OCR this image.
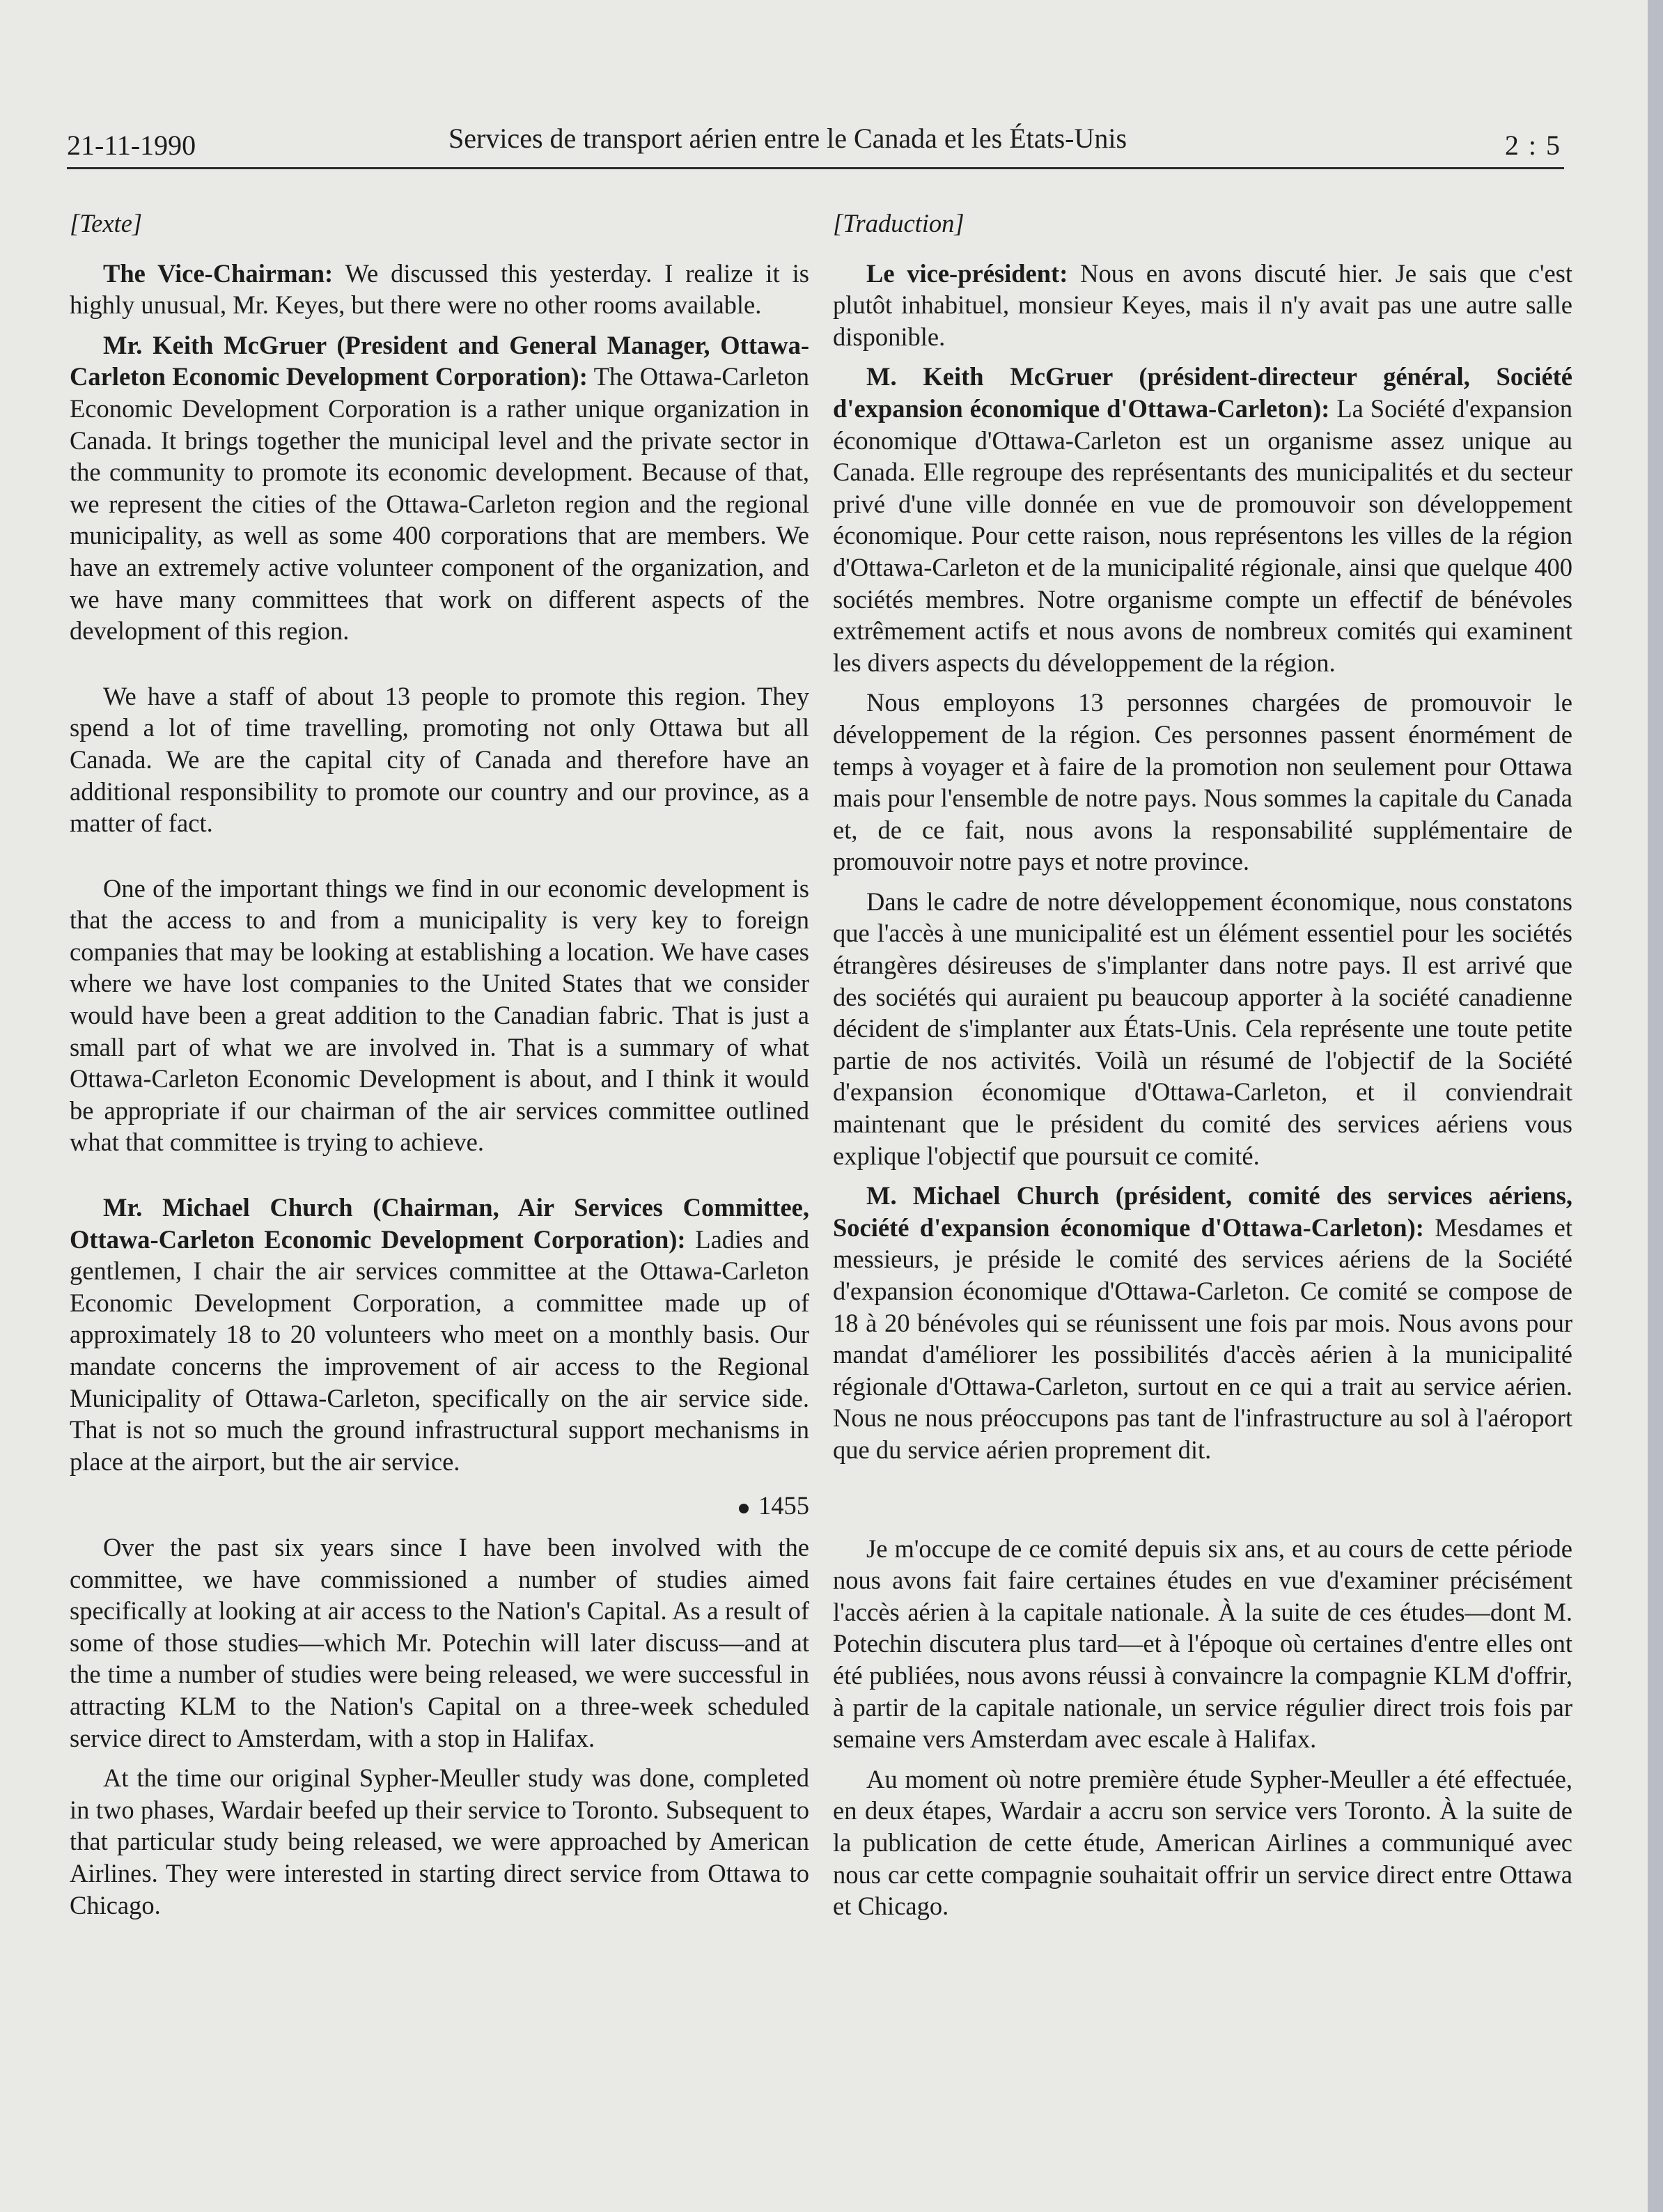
21-11-1990	Services de transport aérien entre le Canada et les États-Unis	2 : 5

[Texte]

The Vice-Chairman: We discussed this yesterday. I realize it is highly unusual, Mr. Keyes, but there were no other rooms available.

Mr. Keith McGruer (President and General Manager, Ottawa-Carleton Economic Development Corporation): The Ottawa-Carleton Economic Development Corporation is a rather unique organization in Canada. It brings together the municipal level and the private sector in the community to promote its economic development. Because of that, we represent the cities of the Ottawa-Carleton region and the regional municipality, as well as some 400 corporations that are members. We have an extremely active volunteer component of the organization, and we have many committees that work on different aspects of the development of this region.

We have a staff of about 13 people to promote this region. They spend a lot of time travelling, promoting not only Ottawa but all Canada. We are the capital city of Canada and therefore have an additional responsibility to promote our country and our province, as a matter of fact.

One of the important things we find in our economic development is that the access to and from a municipality is very key to foreign companies that may be looking at establishing a location. We have cases where we have lost companies to the United States that we consider would have been a great addition to the Canadian fabric. That is just a small part of what we are involved in. That is a summary of what Ottawa-Carleton Economic Development is about, and I think it would be appropriate if our chairman of the air services committee outlined what that committee is trying to achieve.

Mr. Michael Church (Chairman, Air Services Committee, Ottawa-Carleton Economic Development Corporation): Ladies and gentlemen, I chair the air services committee at the Ottawa-Carleton Economic Development Corporation, a committee made up of approximately 18 to 20 volunteers who meet on a monthly basis. Our mandate concerns the improvement of air access to the Regional Municipality of Ottawa-Carleton, specifically on the air service side. That is not so much the ground infrastructural support mechanisms in place at the airport, but the air service.

1455

Over the past six years since I have been involved with the committee, we have commissioned a number of studies aimed specifically at looking at air access to the Nation's Capital. As a result of some of those studies—which Mr. Potechin will later discuss—and at the time a number of studies were being released, we were successful in attracting KLM to the Nation's Capital on a three-week scheduled service direct to Amsterdam, with a stop in Halifax.

At the time our original Sypher-Meuller study was done, completed in two phases, Wardair beefed up their service to Toronto. Subsequent to that particular study being released, we were approached by American Airlines. They were interested in starting direct service from Ottawa to Chicago.

[Traduction]

Le vice-président: Nous en avons discuté hier. Je sais que c'est plutôt inhabituel, monsieur Keyes, mais il n'y avait pas une autre salle disponible.

M. Keith McGruer (président-directeur général, Société d'expansion économique d'Ottawa-Carleton): La Société d'expansion économique d'Ottawa-Carleton est un organisme assez unique au Canada. Elle regroupe des représentants des municipalités et du secteur privé d'une ville donnée en vue de promouvoir son développement économique. Pour cette raison, nous représentons les villes de la région d'Ottawa-Carleton et de la municipalité régionale, ainsi que quelque 400 sociétés membres. Notre organisme compte un effectif de bénévoles extrêmement actifs et nous avons de nombreux comités qui examinent les divers aspects du développement de la région.

Nous employons 13 personnes chargées de promouvoir le développement de la région. Ces personnes passent énormément de temps à voyager et à faire de la promotion non seulement pour Ottawa mais pour l'ensemble de notre pays. Nous sommes la capitale du Canada et, de ce fait, nous avons la responsabilité supplémentaire de promouvoir notre pays et notre province.

Dans le cadre de notre développement économique, nous constatons que l'accès à une municipalité est un élément essentiel pour les sociétés étrangères désireuses de s'implanter dans notre pays. Il est arrivé que des sociétés qui auraient pu beaucoup apporter à la société canadienne décident de s'implanter aux États-Unis. Cela représente une toute petite partie de nos activités. Voilà un résumé de l'objectif de la Société d'expansion économique d'Ottawa-Carleton, et il conviendrait maintenant que le président du comité des services aériens vous explique l'objectif que poursuit ce comité.

M. Michael Church (président, comité des services aériens, Société d'expansion économique d'Ottawa-Carleton): Mesdames et messieurs, je préside le comité des services aériens de la Société d'expansion économique d'Ottawa-Carleton. Ce comité se compose de 18 à 20 bénévoles qui se réunissent une fois par mois. Nous avons pour mandat d'améliorer les possibilités d'accès aérien à la municipalité régionale d'Ottawa-Carleton, surtout en ce qui a trait au service aérien. Nous ne nous préoccupons pas tant de l'infrastructure au sol à l'aéroport que du service aérien proprement dit.

Je m'occupe de ce comité depuis six ans, et au cours de cette période nous avons fait faire certaines études en vue d'examiner précisément l'accès aérien à la capitale nationale. À la suite de ces études—dont M. Potechin discutera plus tard—et à l'époque où certaines d'entre elles ont été publiées, nous avons réussi à convaincre la compagnie KLM d'offrir, à partir de la capitale nationale, un service régulier direct trois fois par semaine vers Amsterdam avec escale à Halifax.

Au moment où notre première étude Sypher-Meuller a été effectuée, en deux étapes, Wardair a accru son service vers Toronto. À la suite de la publication de cette étude, American Airlines a communiqué avec nous car cette compagnie souhaitait offrir un service direct entre Ottawa et Chicago.
